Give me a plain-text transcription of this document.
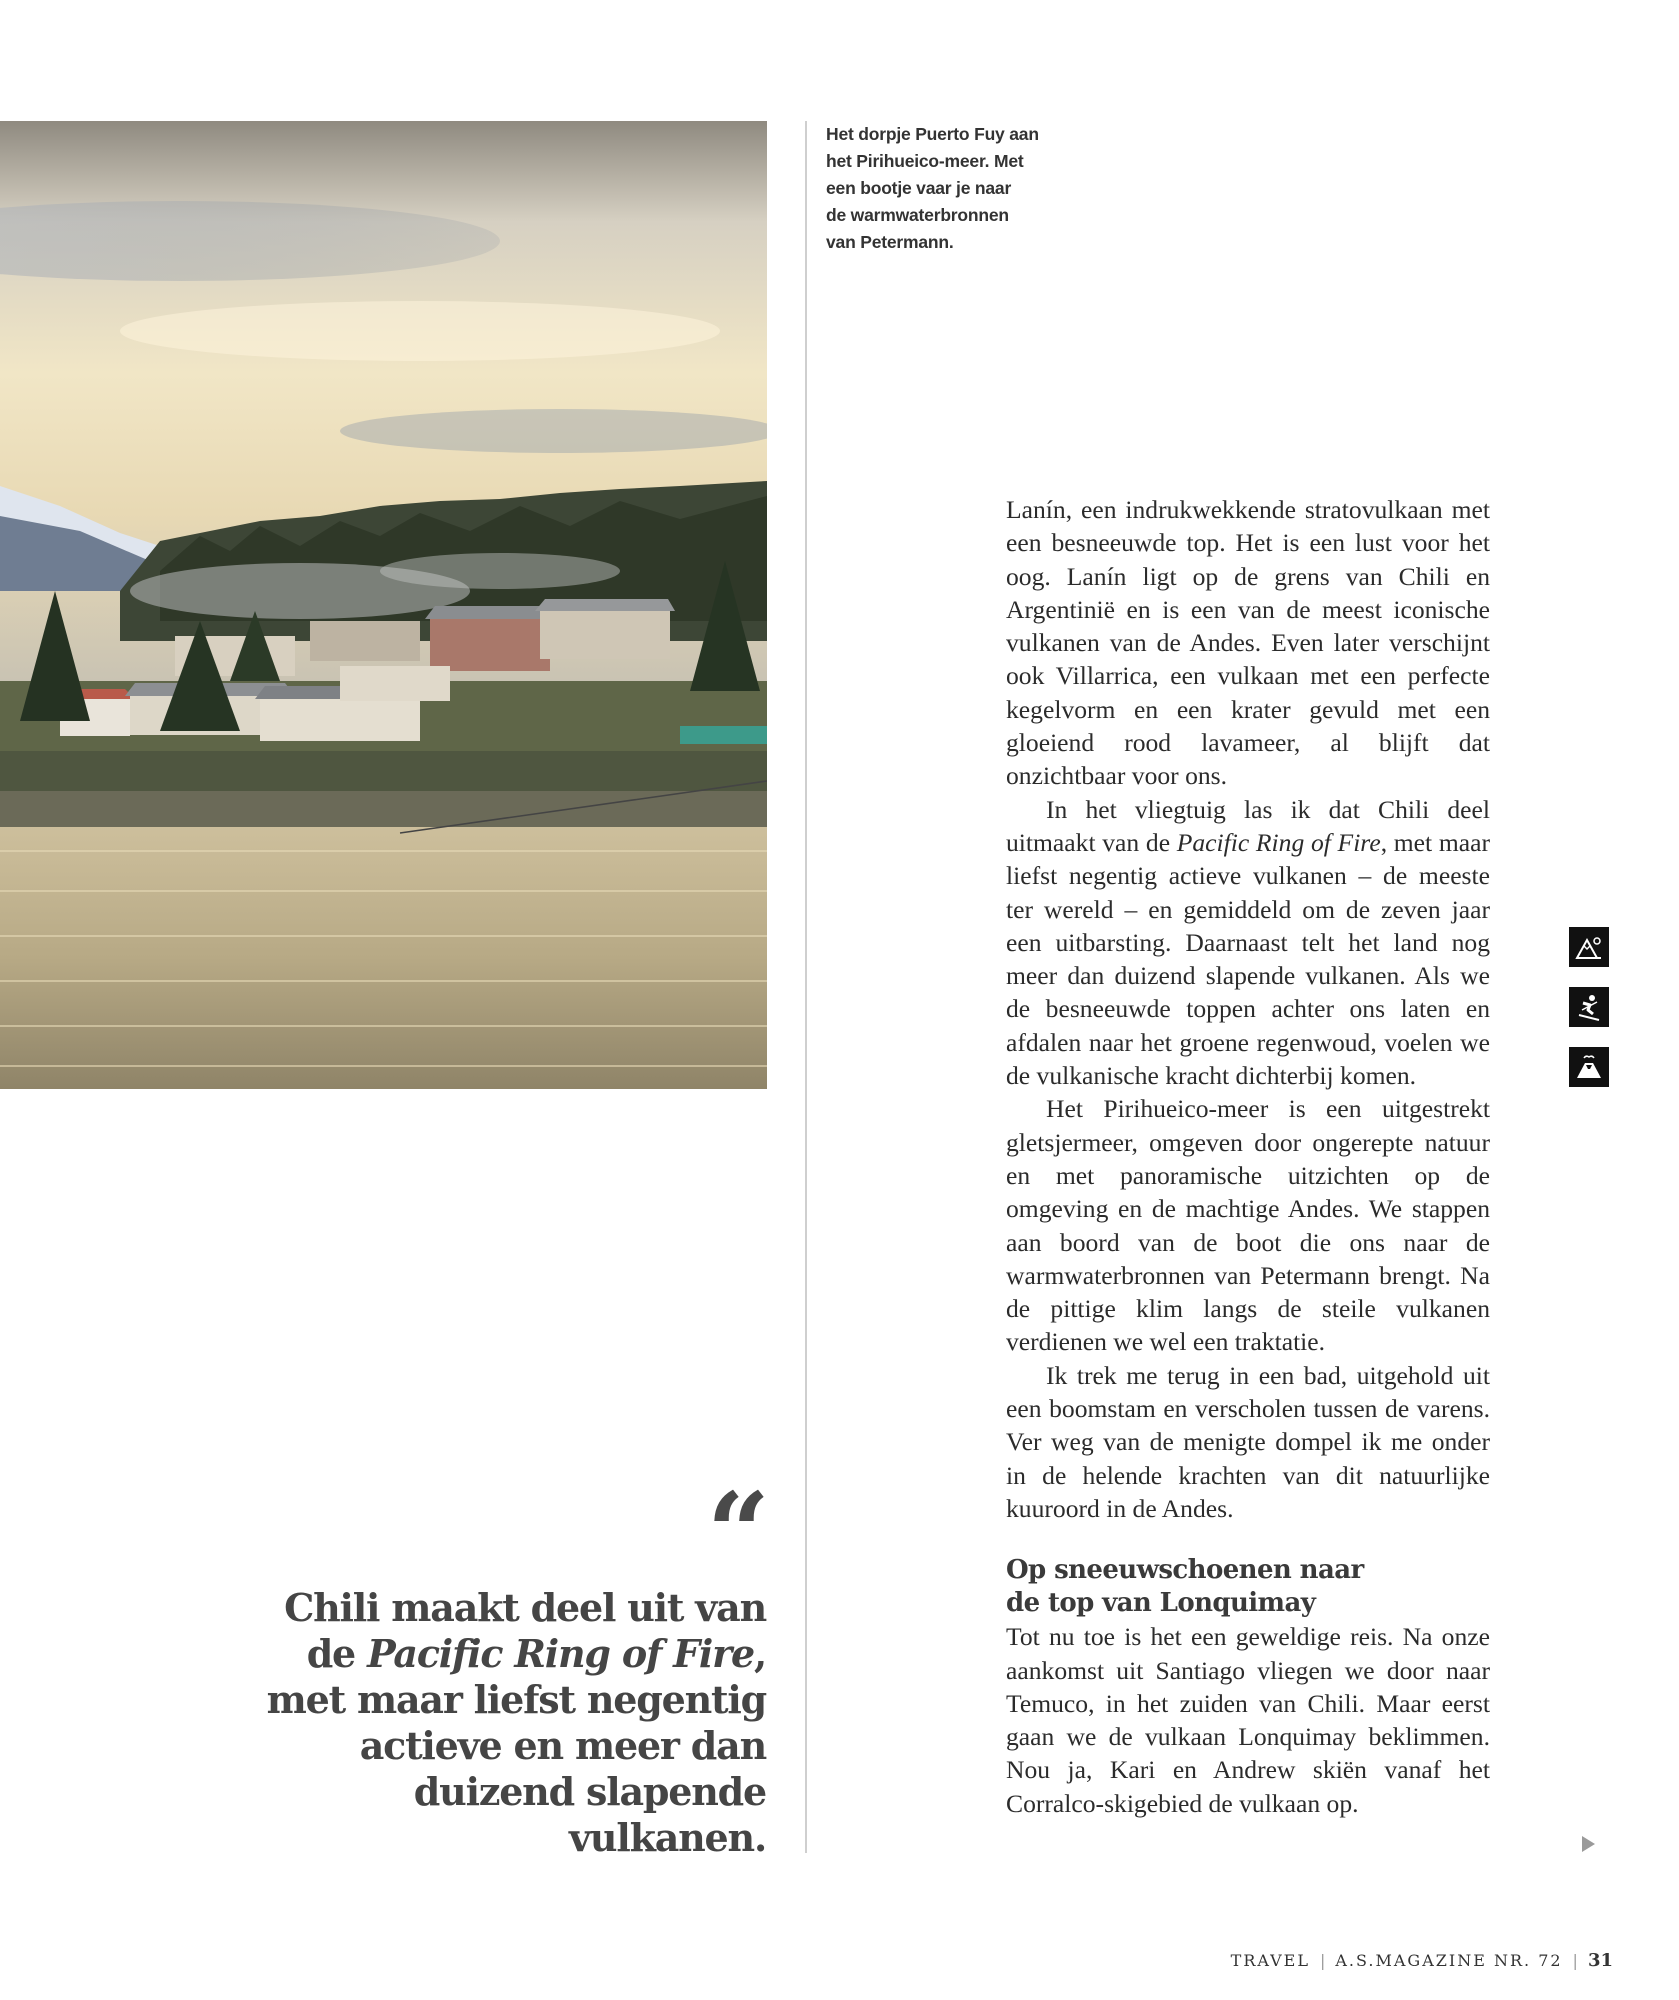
Het dorpje Puerto Fuy aan
het Pirihueico-meer. Met
een bootje vaar je naar
de warmwaterbronnen
van Petermann.

Lanín, een indrukwekkende stratovulkaan met een besneeuwde top. Het is een lust voor het oog. Lanín ligt op de grens van Chili en Argentinië en is een van de meest iconische vulkanen van de Andes. Even later verschijnt ook Villarrica, een vulkaan met een perfecte kegelvorm en een krater gevuld met een gloeiend rood lavameer, al blijft dat onzichtbaar voor ons.

In het vliegtuig las ik dat Chili deel uitmaakt van de Pacific Ring of Fire, met maar liefst negentig actieve vulkanen – de meeste ter wereld – en gemiddeld om de zeven jaar een uitbarsting. Daarnaast telt het land nog meer dan duizend slapende vulkanen. Als we de besneeuwde toppen achter ons laten en afdalen naar het groene regenwoud, voelen we de vulkanische kracht dichterbij komen.

Het Pirihueico-meer is een uitgestrekt gletsjermeer, omgeven door ongerepte natuur en met panoramische uitzichten op de omgeving en de machtige Andes. We stappen aan boord van de boot die ons naar de warmwaterbronnen van Petermann brengt. Na de pittige klim langs de steile vulkanen verdienen we wel een traktatie.

Ik trek me terug in een bad, uitgehold uit een boomstam en verscholen tussen de varens. Ver weg van de menigte dompel ik me onder in de helende krachten van dit natuurlijke kuuroord in de Andes.

Op sneeuwschoenen naar
de top van Lonquimay

Tot nu toe is het een geweldige reis. Na onze aankomst uit Santiago vliegen we door naar Temuco, in het zuiden van Chili. Maar eerst gaan we de vulkaan Lonquimay beklimmen. Nou ja, Kari en Andrew skiën vanaf het Corralco-skigebied de vulkaan op.

“
Chili maakt deel uit van de Pacific Ring of Fire, met maar liefst negentig actieve en meer dan duizend slapende vulkanen.
TRAVEL | A.S.MAGAZINE NR. 72 | 31
